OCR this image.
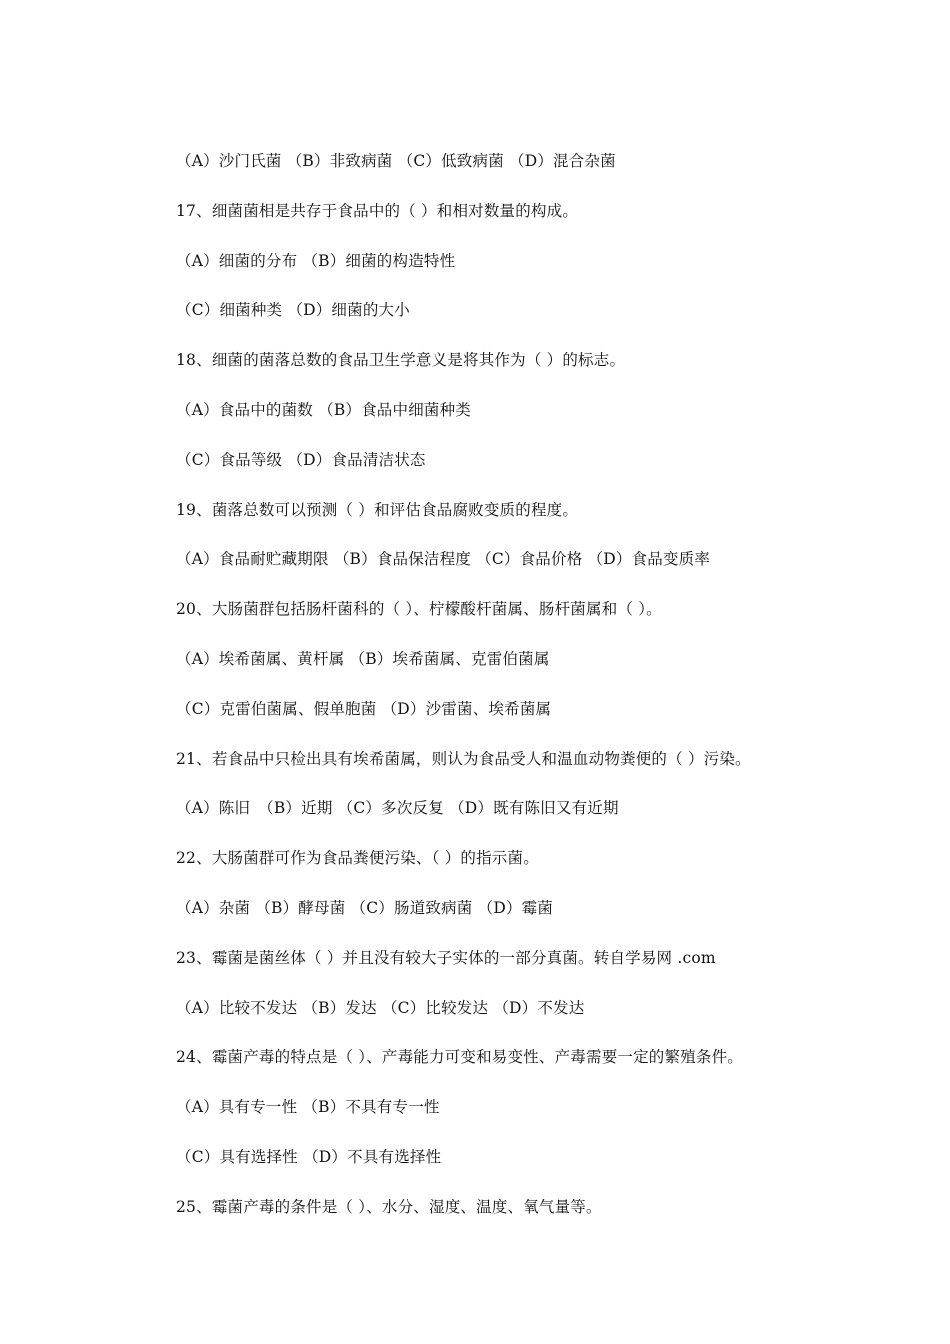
（A）沙门氏菌 （B）非致病菌 （C）低致病菌 （D）混合杂菌
17、细菌菌相是共存于食品中的（ ）和相对数量的构成。
（A）细菌的分布 （B）细菌的构造特性
（C）细菌种类 （D）细菌的大小
18、细菌的菌落总数的食品卫生学意义是将其作为（ ）的标志。
（A）食品中的菌数 （B）食品中细菌种类
（C）食品等级 （D）食品清洁状态
19、菌落总数可以预测（ ）和评估食品腐败变质的程度。
（A）食品耐贮藏期限 （B）食品保洁程度 （C）食品价格 （D）食品变质率
20、大肠菌群包括肠杆菌科的（ ）、柠檬酸杆菌属、肠杆菌属和（ ）。
（A）埃希菌属、黄杆属 （B）埃希菌属、克雷伯菌属
（C）克雷伯菌属、假单胞菌 （D）沙雷菌、埃希菌属
21、若食品中只检出具有埃希菌属，则认为食品受人和温血动物粪便的（ ）污染。
（A）陈旧　（B）近期 （C）多次反复 （D）既有陈旧又有近期
22、大肠菌群可作为食品粪便污染、（ ）的指示菌。
（A）杂菌 （B）酵母菌 （C）肠道致病菌 （D）霉菌
23、霉菌是菌丝体（ ）并且没有较大子实体的一部分真菌。转自学易网 .com
（A）比较不发达 （B）发达 （C）比较发达 （D）不发达
24、霉菌产毒的特点是（ ）、产毒能力可变和易变性、产毒需要一定的繁殖条件。
（A）具有专一性 （B）不具有专一性
（C）具有选择性 （D）不具有选择性
25、霉菌产毒的条件是（ ）、水分、湿度、温度、氧气量等。
